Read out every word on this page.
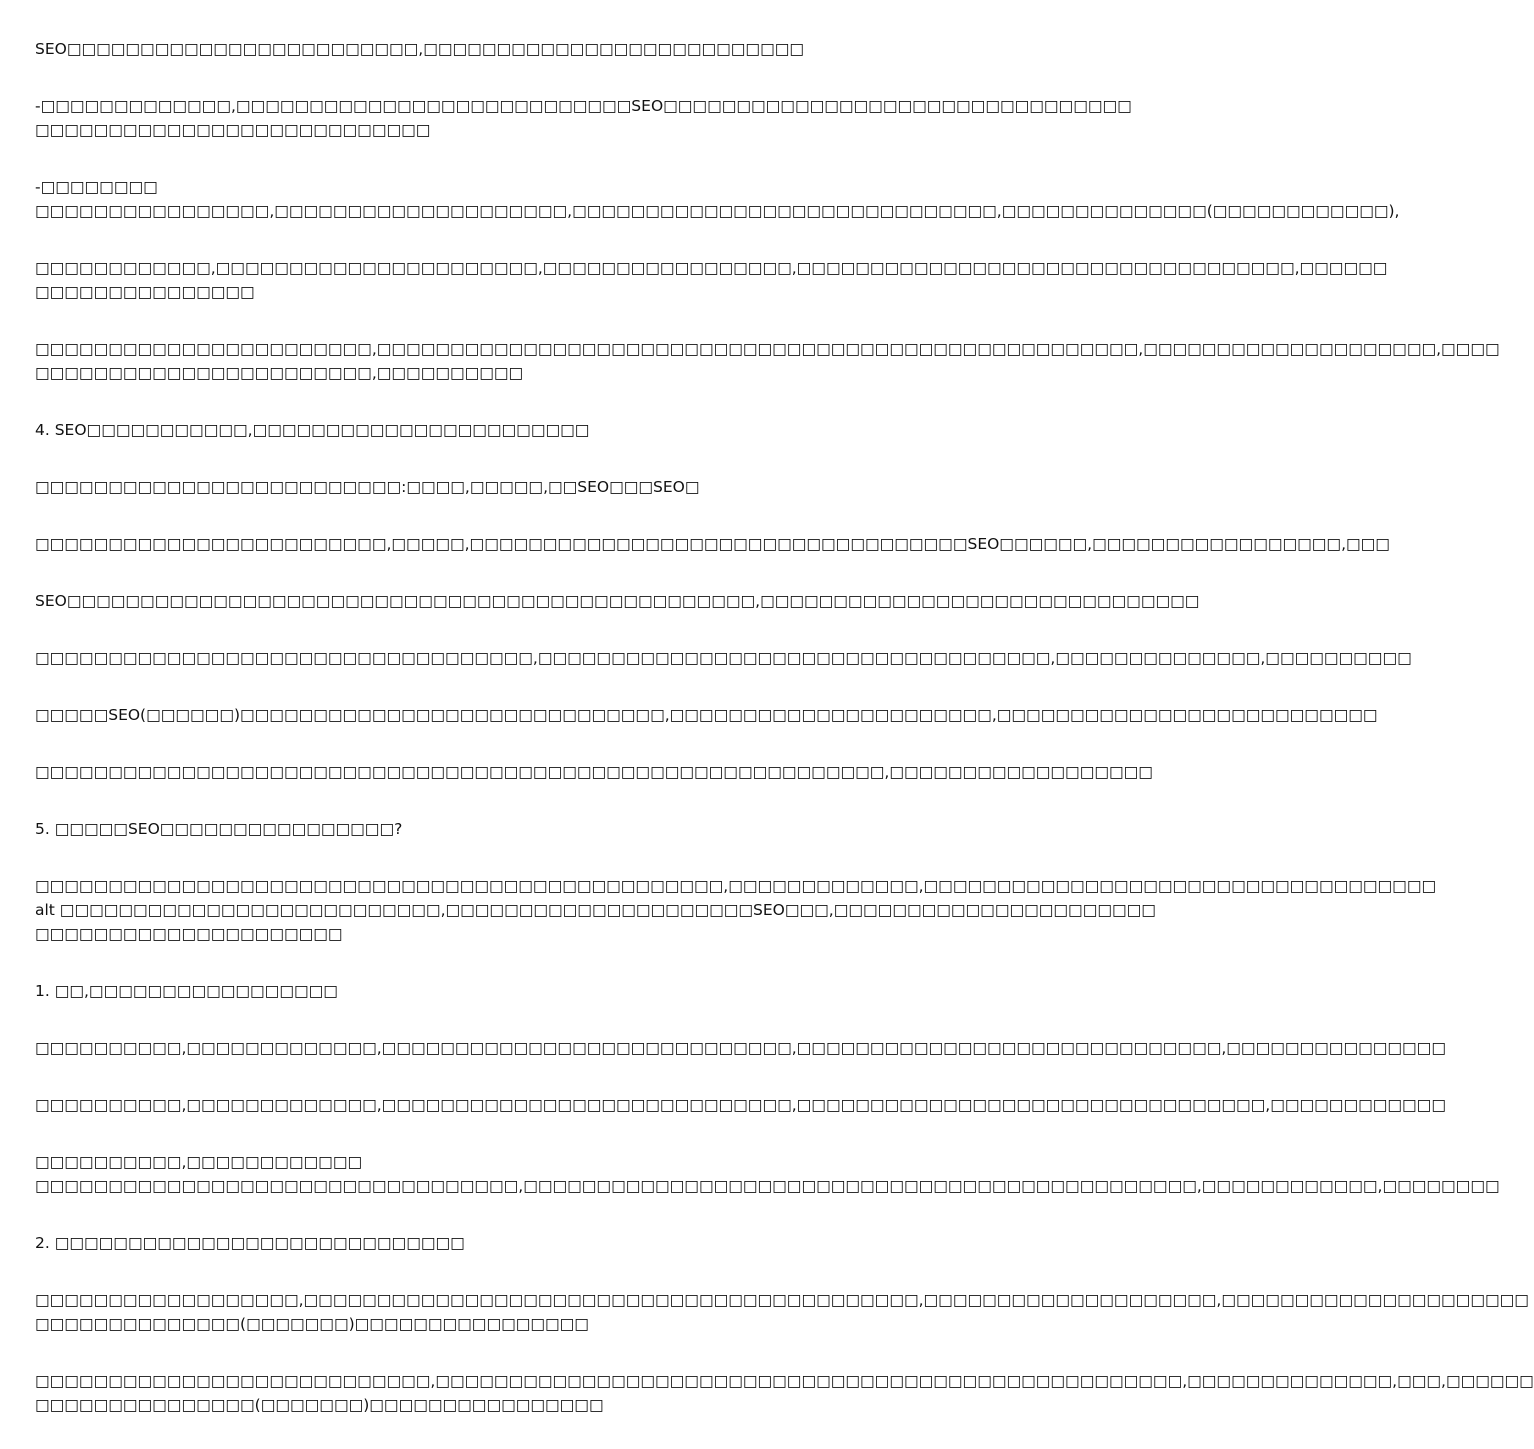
SEO□□□□□□□□□□□□□□□□□□□□□□□□,□□□□□□□□□□□□□□□□□□□□□□□□□□

-□□□□□□□□□□□□□,□□□□□□□□□□□□□□□□□□□□□□□□□□□SEO□□□□□□□□□□□□□□□□□□□□□□□□□□□□□□□□
□□□□□□□□□□□□□□□□□□□□□□□□□□□

-□□□□□□□□
□□□□□□□□□□□□□□□□,□□□□□□□□□□□□□□□□□□□□,□□□□□□□□□□□□□□□□□□□□□□□□□□□□□,□□□□□□□□□□□□□□(□□□□□□□□□□□□),

□□□□□□□□□□□□,□□□□□□□□□□□□□□□□□□□□□□,□□□□□□□□□□□□□□□□□,□□□□□□□□□□□□□□□□□□□□□□□□□□□□□□□□□□,□□□□□□
□□□□□□□□□□□□□□□

□□□□□□□□□□□□□□□□□□□□□□□,□□□□□□□□□□□□□□□□□□□□□□□□□□□□□□□□□□□□□□□□□□□□□□□□□□□□,□□□□□□□□□□□□□□□□□□□□,□□□□
□□□□□□□□□□□□□□□□□□□□□□□,□□□□□□□□□□

4. SEO□□□□□□□□□□□,□□□□□□□□□□□□□□□□□□□□□□□

□□□□□□□□□□□□□□□□□□□□□□□□□:□□□□,□□□□□,□□SEO□□□SEO□

□□□□□□□□□□□□□□□□□□□□□□□□,□□□□□,□□□□□□□□□□□□□□□□□□□□□□□□□□□□□□□□□□SEO□□□□□□,□□□□□□□□□□□□□□□□□,□□□

SEO□□□□□□□□□□□□□□□□□□□□□□□□□□□□□□□□□□□□□□□□□□□□□□□,□□□□□□□□□□□□□□□□□□□□□□□□□□□□□□

□□□□□□□□□□□□□□□□□□□□□□□□□□□□□□□□□□,□□□□□□□□□□□□□□□□□□□□□□□□□□□□□□□□□□□,□□□□□□□□□□□□□□,□□□□□□□□□□

□□□□□SEO(□□□□□□)□□□□□□□□□□□□□□□□□□□□□□□□□□□□□,□□□□□□□□□□□□□□□□□□□□□□,□□□□□□□□□□□□□□□□□□□□□□□□□□

□□□□□□□□□□□□□□□□□□□□□□□□□□□□□□□□□□□□□□□□□□□□□□□□□□□□□□□□□□,□□□□□□□□□□□□□□□□□□

5. □□□□□SEO□□□□□□□□□□□□□□□□?

□□□□□□□□□□□□□□□□□□□□□□□□□□□□□□□□□□□□□□□□□□□□□□□,□□□□□□□□□□□□□,□□□□□□□□□□□□□□□□□□□□□□□□□□□□□□□□□□□
alt □□□□□□□□□□□□□□□□□□□□□□□□□□,□□□□□□□□□□□□□□□□□□□□□SEO□□□,□□□□□□□□□□□□□□□□□□□□□□
□□□□□□□□□□□□□□□□□□□□□

1. □□,□□□□□□□□□□□□□□□□□

□□□□□□□□□□,□□□□□□□□□□□□□,□□□□□□□□□□□□□□□□□□□□□□□□□□□□,□□□□□□□□□□□□□□□□□□□□□□□□□□□□□,□□□□□□□□□□□□□□□

□□□□□□□□□□,□□□□□□□□□□□□□,□□□□□□□□□□□□□□□□□□□□□□□□□□□□,□□□□□□□□□□□□□□□□□□□□□□□□□□□□□□□□,□□□□□□□□□□□□

□□□□□□□□□□,□□□□□□□□□□□□
□□□□□□□□□□□□□□□□□□□□□□□□□□□□□□□□□,□□□□□□□□□□□□□□□□□□□□□□□□□□□□□□□□□□□□□□□□□□□□□□,□□□□□□□□□□□□,□□□□□□□□

2. □□□□□□□□□□□□□□□□□□□□□□□□□□□□

□□□□□□□□□□□□□□□□□□,□□□□□□□□□□□□□□□□□□□□□□□□□□□□□□□□□□□□□□□□□□,□□□□□□□□□□□□□□□□□□□□,□□□□□□□□□□□□□□□□□□□□□
□□□□□□□□□□□□□□(□□□□□□□)□□□□□□□□□□□□□□□□

□□□□□□□□□□□□□□□□□□□□□□□□□□□,□□□□□□□□□□□□□□□□□□□□□□□□□□□□□□□□□□□□□□□□□□□□□□□□□□□,□□□□□□□□□□□□□□,□□□,□□□□□□
□□□□□□□□□□□□□□□(□□□□□□□)□□□□□□□□□□□□□□□□
